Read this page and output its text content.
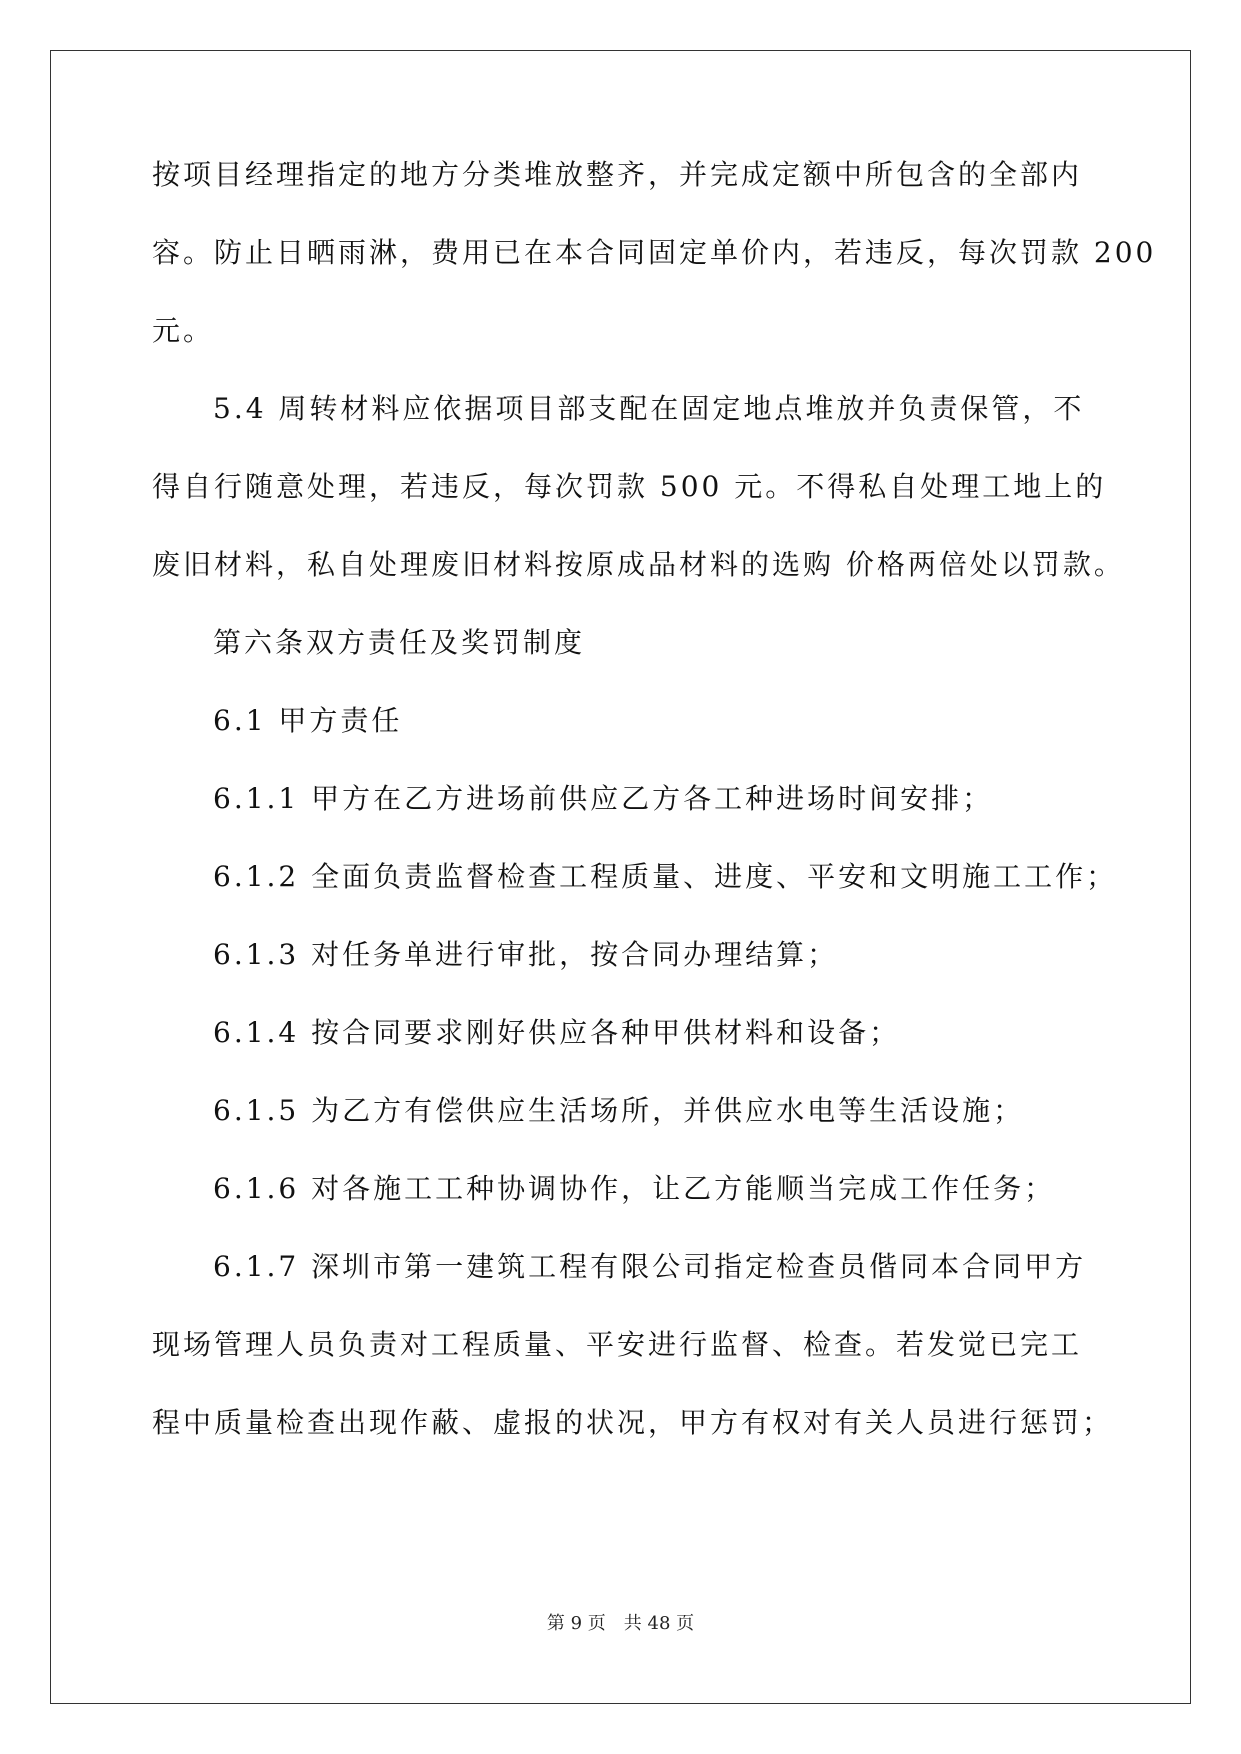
按项目经理指定的地方分类堆放整齐，并完成定额中所包含的全部内
容。防止日晒雨淋，费用已在本合同固定单价内，若违反，每次罚款 200
元。
5.4 周转材料应依据项目部支配在固定地点堆放并负责保管，不
得自行随意处理，若违反，每次罚款 500 元。不得私自处理工地上的
废旧材料，私自处理废旧材料按原成品材料的选购 价格两倍处以罚款。
第六条双方责任及奖罚制度
6.1 甲方责任
6.1.1 甲方在乙方进场前供应乙方各工种进场时间安排；
6.1.2 全面负责监督检查工程质量、进度、平安和文明施工工作；
6.1.3 对任务单进行审批，按合同办理结算；
6.1.4 按合同要求刚好供应各种甲供材料和设备；
6.1.5 为乙方有偿供应生活场所，并供应水电等生活设施；
6.1.6 对各施工工种协调协作，让乙方能顺当完成工作任务；
6.1.7 深圳市第一建筑工程有限公司指定检查员偕同本合同甲方
现场管理人员负责对工程质量、平安进行监督、检查。若发觉已完工
程中质量检查出现作蔽、虚报的状况，甲方有权对有关人员进行惩罚；
第 9 页　共 48 页
